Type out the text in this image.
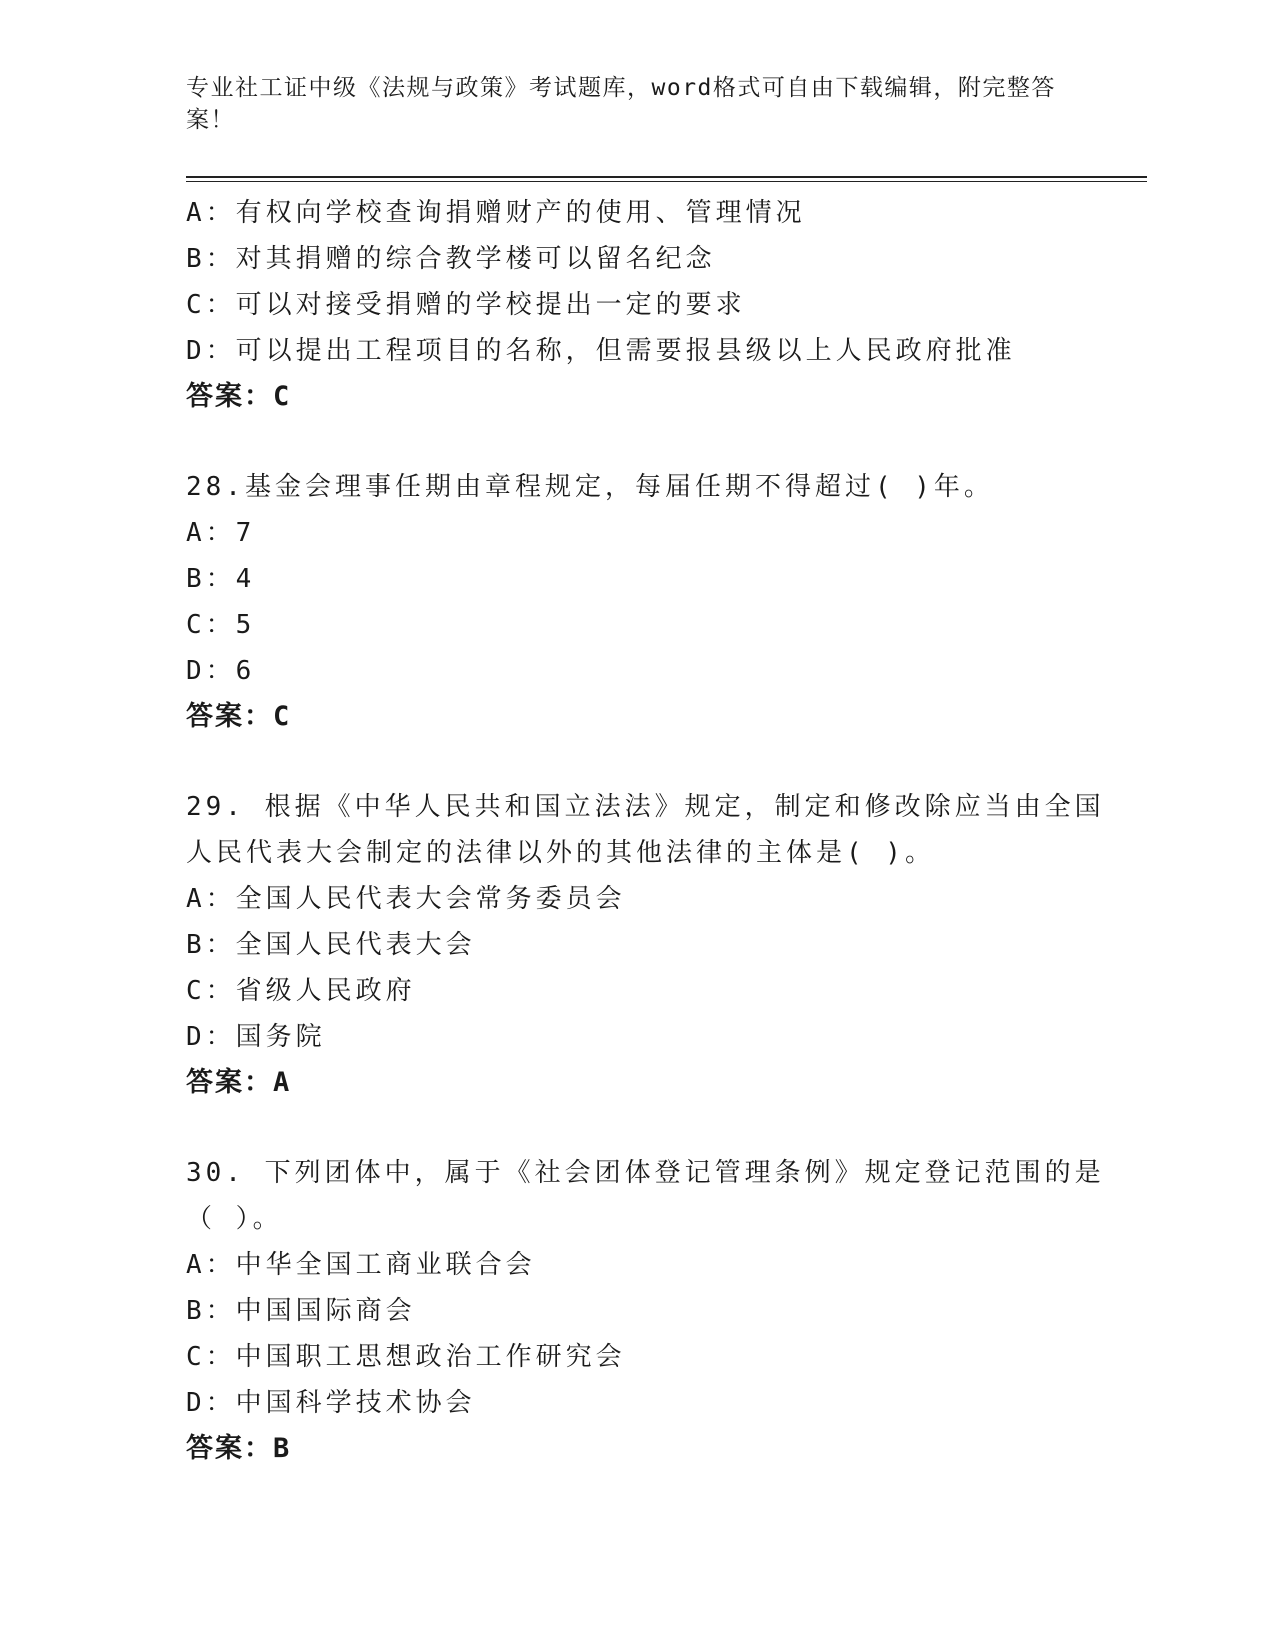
专业社工证中级《法规与政策》考试题库，word格式可自由下载编辑，附完整答案！
A：有权向学校查询捐赠财产的使用、管理情况
B：对其捐赠的综合教学楼可以留名纪念
C：可以对接受捐赠的学校提出一定的要求
D：可以提出工程项目的名称，但需要报县级以上人民政府批准
答案：C
28.基金会理事任期由章程规定，每届任期不得超过( )年。
A：7
B：4
C：5
D：6
答案：C
29. 根据《中华人民共和国立法法》规定，制定和修改除应当由全国
人民代表大会制定的法律以外的其他法律的主体是( )。
A：全国人民代表大会常务委员会
B：全国人民代表大会
C：省级人民政府
D：国务院
答案：A
30. 下列团体中，属于《社会团体登记管理条例》规定登记范围的是
（ ）。
A：中华全国工商业联合会
B：中国国际商会
C：中国职工思想政治工作研究会
D：中国科学技术协会
答案：B
